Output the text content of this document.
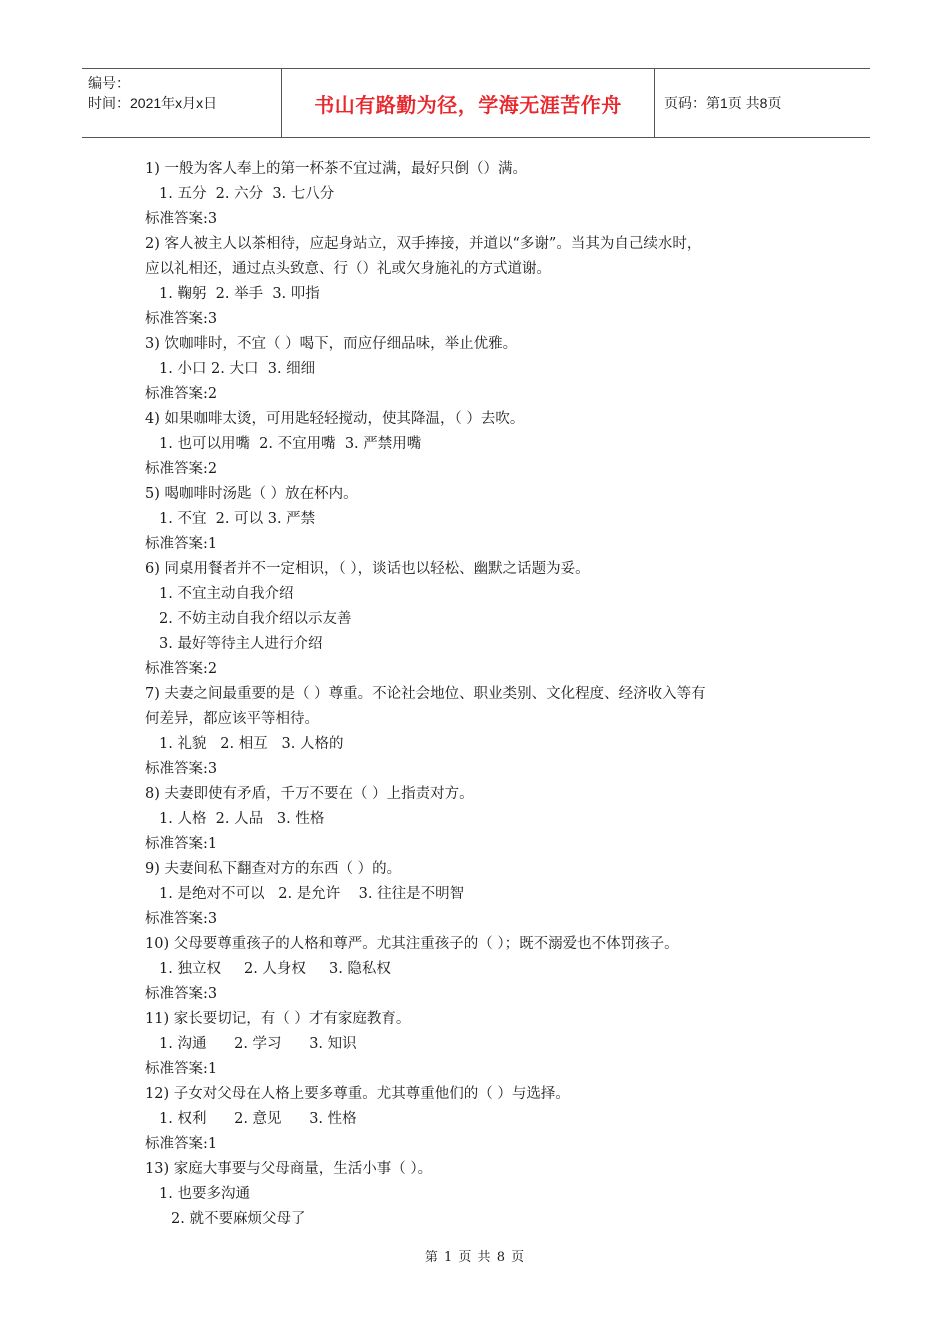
编号：
时间：2021年x月x日	书山有路勤为径，学海无涯苦作舟	页码：第1页 共8页
1) 一般为客人奉上的第一杯茶不宜过满，最好只倒（）满。
1. 五分  2. 六分  3. 七八分
标准答案:3
2) 客人被主人以茶相待，应起身站立，双手捧接，并道以“多谢”。当其为自己续水时，
应以礼相还，通过点头致意、行（）礼或欠身施礼的方式道谢。
1. 鞠躬  2. 举手  3. 叩指
标准答案:3
3) 饮咖啡时，不宜（ ）喝下，而应仔细品味，举止优雅。
1. 小口 2. 大口  3. 细细
标准答案:2
4) 如果咖啡太烫，可用匙轻轻搅动，使其降温，（ ）去吹。
1. 也可以用嘴  2. 不宜用嘴  3. 严禁用嘴
标准答案:2
5) 喝咖啡时汤匙（ ）放在杯内。
1. 不宜  2. 可以 3. 严禁
标准答案:1
6) 同桌用餐者并不一定相识，（ ），谈话也以轻松、幽默之话题为妥。
1. 不宜主动自我介绍
2. 不妨主动自我介绍以示友善
3. 最好等待主人进行介绍
标准答案:2
7) 夫妻之间最重要的是（ ）尊重。不论社会地位、职业类别、文化程度、经济收入等有
何差异，都应该平等相待。
1. 礼貌   2. 相互   3. 人格的
标准答案:3
8) 夫妻即使有矛盾，千万不要在（ ）上指责对方。
1. 人格  2. 人品   3. 性格
标准答案:1
9) 夫妻间私下翻查对方的东西（ ）的。
1. 是绝对不可以   2. 是允许    3. 往往是不明智
标准答案:3
10) 父母要尊重孩子的人格和尊严。尤其注重孩子的（ ）；既不溺爱也不体罚孩子。
1. 独立权     2. 人身权     3. 隐私权
标准答案:3
11) 家长要切记，有（ ）才有家庭教育。
1. 沟通      2. 学习      3. 知识
标准答案:1
12) 子女对父母在人格上要多尊重。尤其尊重他们的（ ）与选择。
1. 权利      2. 意见      3. 性格
标准答案:1
13) 家庭大事要与父母商量，生活小事（ ）。
1. 也要多沟通
2. 就不要麻烦父母了
第 1 页 共 8 页
